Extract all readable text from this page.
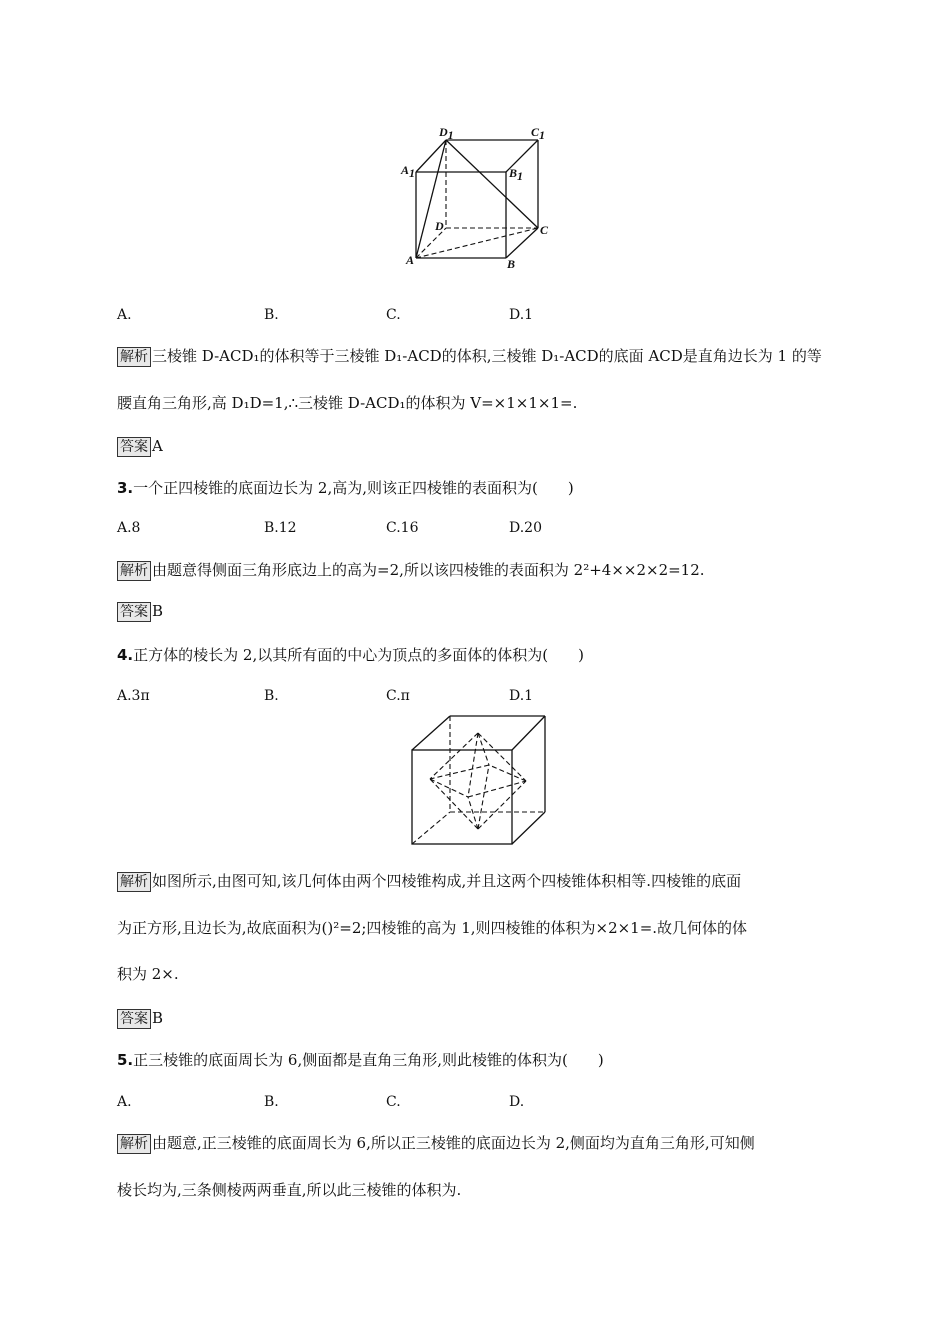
D1	C1
A1	B1
D	C
A	B
A.	B.	C.	D.1
解析 三棱锥 D-ACD₁的体积等于三棱锥 D₁-ACD的体积,三棱锥 D₁-ACD的底面 ACD是直角边长为 1 的等
腰直角三角形,高 D₁D=1,∴三棱锥 D-ACD₁的体积为 V=×1×1×1=.
答案 A
3.一个正四棱锥的底面边长为 2,高为,则该正四棱锥的表面积为(　　)
A.8	B.12	C.16	D.20
解析 由题意得侧面三角形底边上的高为=2,所以该四棱锥的表面积为 2²+4××2×2=12.
答案 B
4.正方体的棱长为 2,以其所有面的中心为顶点的多面体的体积为(　　)
A.3π	B.	C.π	D.1
解析 如图所示,由图可知,该几何体由两个四棱锥构成,并且这两个四棱锥体积相等.四棱锥的底面
为正方形,且边长为,故底面积为()²=2;四棱锥的高为 1,则四棱锥的体积为×2×1=.故几何体的体
积为 2×.
答案 B
5.正三棱锥的底面周长为 6,侧面都是直角三角形,则此棱锥的体积为(　　)
A.	B.	C.	D.
解析 由题意,正三棱锥的底面周长为 6,所以正三棱锥的底面边长为 2,侧面均为直角三角形,可知侧
棱长均为,三条侧棱两两垂直,所以此三棱锥的体积为.
